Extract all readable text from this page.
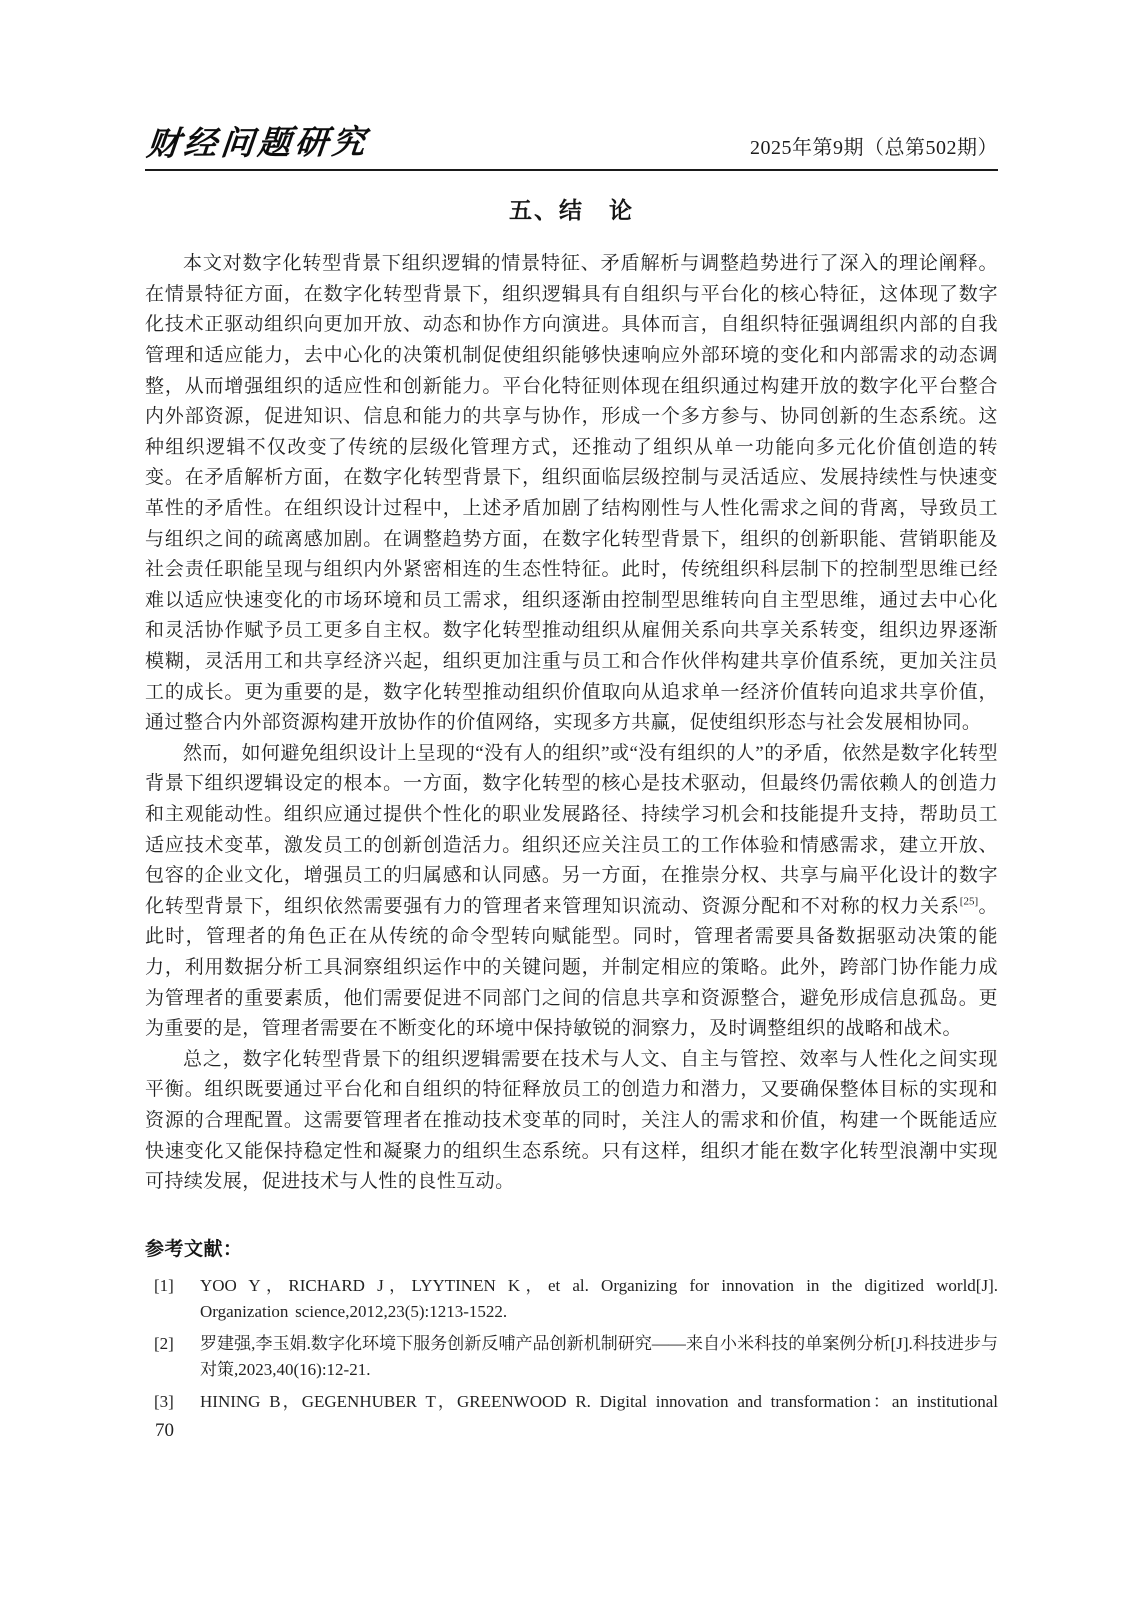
财经问题研究	2025年第9期（总第502期）
五、结　论

本文对数字化转型背景下组织逻辑的情景特征、矛盾解析与调整趋势进行了深入的理论阐释。在情景特征方面，在数字化转型背景下，组织逻辑具有自组织与平台化的核心特征，这体现了数字化技术正驱动组织向更加开放、动态和协作方向演进。具体而言，自组织特征强调组织内部的自我管理和适应能力，去中心化的决策机制促使组织能够快速响应外部环境的变化和内部需求的动态调整，从而增强组织的适应性和创新能力。平台化特征则体现在组织通过构建开放的数字化平台整合内外部资源，促进知识、信息和能力的共享与协作，形成一个多方参与、协同创新的生态系统。这种组织逻辑不仅改变了传统的层级化管理方式，还推动了组织从单一功能向多元化价值创造的转变。在矛盾解析方面，在数字化转型背景下，组织面临层级控制与灵活适应、发展持续性与快速变革性的矛盾性。在组织设计过程中，上述矛盾加剧了结构刚性与人性化需求之间的背离，导致员工与组织之间的疏离感加剧。在调整趋势方面，在数字化转型背景下，组织的创新职能、营销职能及社会责任职能呈现与组织内外紧密相连的生态性特征。此时，传统组织科层制下的控制型思维已经难以适应快速变化的市场环境和员工需求，组织逐渐由控制型思维转向自主型思维，通过去中心化和灵活协作赋予员工更多自主权。数字化转型推动组织从雇佣关系向共享关系转变，组织边界逐渐模糊，灵活用工和共享经济兴起，组织更加注重与员工和合作伙伴构建共享价值系统，更加关注员工的成长。更为重要的是，数字化转型推动组织价值取向从追求单一经济价值转向追求共享价值，通过整合内外部资源构建开放协作的价值网络，实现多方共赢，促使组织形态与社会发展相协同。

然而，如何避免组织设计上呈现的“没有人的组织”或“没有组织的人”的矛盾，依然是数字化转型背景下组织逻辑设定的根本。一方面，数字化转型的核心是技术驱动，但最终仍需依赖人的创造力和主观能动性。组织应通过提供个性化的职业发展路径、持续学习机会和技能提升支持，帮助员工适应技术变革，激发员工的创新创造活力。组织还应关注员工的工作体验和情感需求，建立开放、包容的企业文化，增强员工的归属感和认同感。另一方面，在推崇分权、共享与扁平化设计的数字化转型背景下，组织依然需要强有力的管理者来管理知识流动、资源分配和不对称的权力关系[25]。此时，管理者的角色正在从传统的命令型转向赋能型。同时，管理者需要具备数据驱动决策的能力，利用数据分析工具洞察组织运作中的关键问题，并制定相应的策略。此外，跨部门协作能力成为管理者的重要素质，他们需要促进不同部门之间的信息共享和资源整合，避免形成信息孤岛。更为重要的是，管理者需要在不断变化的环境中保持敏锐的洞察力，及时调整组织的战略和战术。

总之，数字化转型背景下的组织逻辑需要在技术与人文、自主与管控、效率与人性化之间实现平衡。组织既要通过平台化和自组织的特征释放员工的创造力和潜力，又要确保整体目标的实现和资源的合理配置。这需要管理者在推动技术变革的同时，关注人的需求和价值，构建一个既能适应快速变化又能保持稳定性和凝聚力的组织生态系统。只有这样，组织才能在数字化转型浪潮中实现可持续发展，促进技术与人性的良性互动。

参考文献：
[1] YOO Y，RICHARD J，LYYTINEN K，et al. Organizing for innovation in the digitized world[J]. Organization science,2012,23(5):1213-1522.
[2] 罗建强,李玉娟.数字化环境下服务创新反哺产品创新机制研究——来自小米科技的单案例分析[J].科技进步与对策,2023,40(16):12-21.
[3] HINING B，GEGENHUBER T，GREENWOOD R. Digital innovation and transformation：an institutional
70
